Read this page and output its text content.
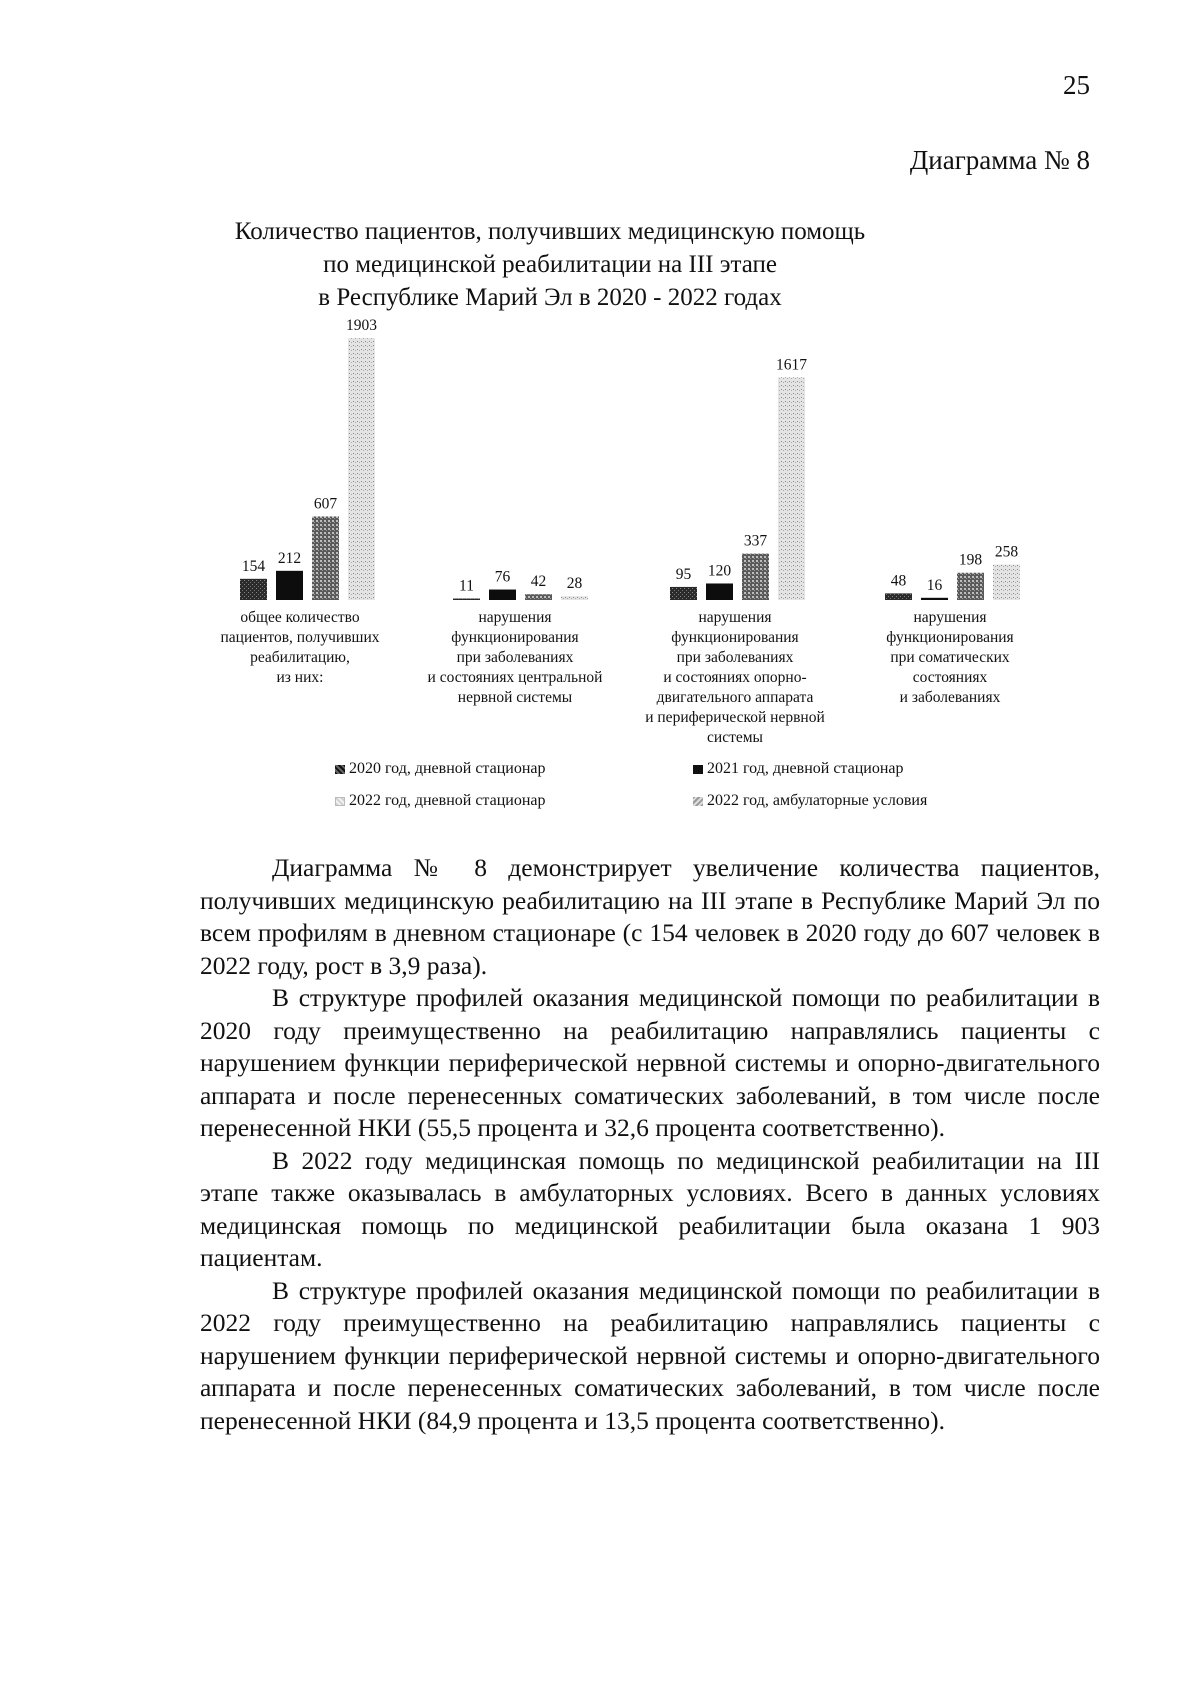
25
Диаграмма № 8
Количество пациентов, получивших медицинскую помощь
по медицинской реабилитации на III этапе
в Республике Марий Эл в 2020 - 2022 годах
154 212
607
1903
11
76 42 28
95 120
337
1617
48 16
198 258
общее количество
пациентов, получивших
реабилитацию,
из них:
нарушения
функционирования
при заболеваниях
и состояниях центральной
нервной системы
нарушения
функционирования
при заболеваниях
и состояниях опорно-
двигательного аппарата
и периферической нервной
системы
нарушения
функционирования
при соматических
состояниях
и заболеваниях
2020 год, дневной стационар	2021 год, дневной стационар
2022 год, дневной стационар	2022 год, амбулаторные условия

Диаграмма № 8 демонстрирует увеличение количества пациентов, получивших медицинскую реабилитацию на III этапе в Республике Марий Эл по всем профилям в дневном стационаре (с 154 человек в 2020 году до 607 человек в 2022 году, рост в 3,9 раза).

В структуре профилей оказания медицинской помощи по реабилитации в 2020 году преимущественно на реабилитацию направлялись пациенты с нарушением функции периферической нервной системы и опорно-двигательного аппарата и после перенесенных соматических заболеваний, в том числе после перенесенной НКИ (55,5 процента и 32,6 процента соответственно).

В 2022 году медицинская помощь по медицинской реабилитации на III этапе также оказывалась в амбулаторных условиях. Всего в данных условиях медицинская помощь по медицинской реабилитации была оказана 1 903 пациентам.

В структуре профилей оказания медицинской помощи по реабилитации в 2022 году преимущественно на реабилитацию направлялись пациенты с нарушением функции периферической нервной системы и опорно-двигательного аппарата и после перенесенных соматических заболеваний, в том числе после перенесенной НКИ (84,9 процента и 13,5 процента соответственно).
